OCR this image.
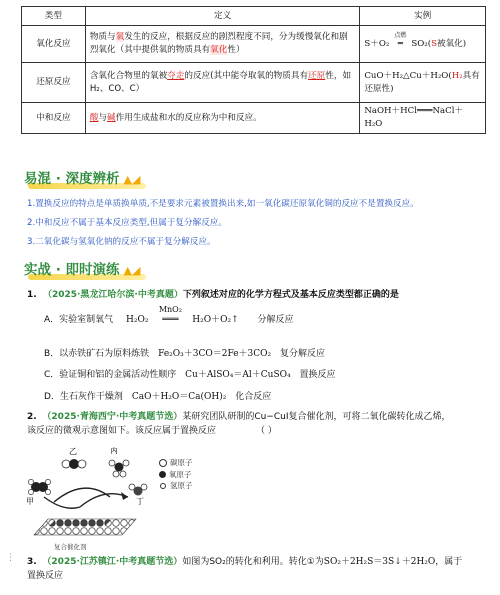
类型	定义	实例
氧化反应	物质与氧发生的反应，根据反应的剧烈程度不同，分为缓慢氧化和剧烈氧化（其中提供氧的物质具有氧化性）	S＋O₂
点燃
═ SO₂(S被氧化)
还原反应	含氧化合物里的氧被夺走的反应(其中能夺取氧的物质具有还原性，如 H₂、CO、C）	CuO＋H₂△Cu＋H₂O(H₂具有还原性)
中和反应	酸与碱作用生成盐和水的反应称为中和反应。	NaOH＋HCl═══NaCl＋H₂O
易混 · 深度辨析 ▲◢
1.置换反应的特点是单质换单质,不是要求元素被置换出来,如一氧化碳还原氧化铜的反应不是置换反应。
2.中和反应不属于基本反应类型,但属于复分解反应。
3.二氧化碳与氢氧化钠的反应不属于复分解反应。
实战 · 即时演练 ▲◢
1. （2025·黑龙江哈尔滨·中考真题）下列叙述对应的化学方程式及基本反应类型都正确的是
A．实验室制氧气 H₂O₂
MnO₂
═══ H₂O＋O₂↑ 分解反应
B．以赤铁矿石为原料炼铁 Fe₂O₃＋3CO＝2Fe＋3CO₂ 复分解反应
C．验证铜和铝的金属活动性顺序 Cu＋AlSO₄＝Al＋CuSO₄ 置换反应
D．生石灰作干燥剂 CaO＋H₂O＝Ca(OH)₂ 化合反应
2. （2025·青海西宁·中考真题节选）某研究团队研制的Cu−CuI复合催化剂，可将二氧化碳转化成乙烯，
该反应的微观示意图如下。该反应属于置换反应	（ ）
乙	丙
甲	丁
复合催化剂
碳原子
氧原子
氢原子
⋮ 3. （2025·江苏镇江·中考真题节选）如图为SO₂的转化和利用。转化①为SO₂＋2H₂S＝3S↓＋2H₂O，属于
置换反应
